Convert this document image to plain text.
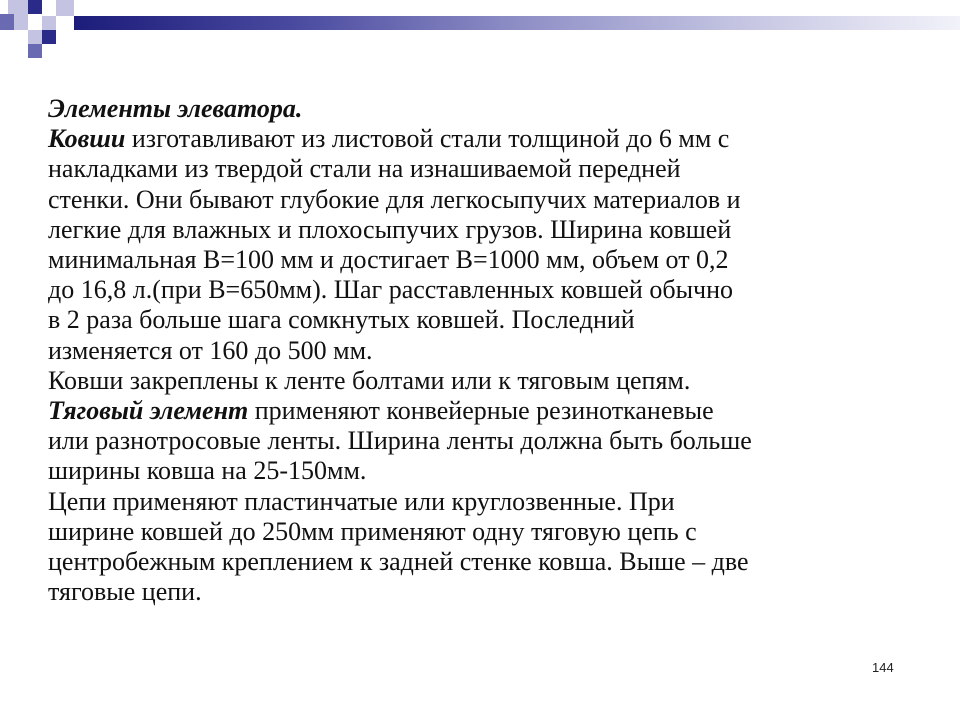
Элементы элеватора.
Ковши изготавливают из листовой стали толщиной до 6 мм с
накладками из твердой стали на изнашиваемой передней
стенки. Они бывают глубокие для легкосыпучих материалов и
легкие для влажных и плохосыпучих грузов. Ширина ковшей
минимальная В=100 мм и достигает В=1000 мм, объем от 0,2
до 16,8 л.(при В=650мм). Шаг расставленных ковшей обычно
в 2 раза больше шага сомкнутых ковшей. Последний
изменяется от 160 до 500 мм.
Ковши закреплены к ленте болтами или к тяговым цепям.
Тяговый элемент применяют конвейерные резинотканевые
или разнотросовые ленты. Ширина ленты должна быть больше
ширины ковша на 25-150мм.
Цепи применяют пластинчатые или круглозвенные. При
ширине ковшей до 250мм применяют одну тяговую цепь с
центробежным креплением к задней стенке ковша. Выше – две
тяговые цепи.
144
